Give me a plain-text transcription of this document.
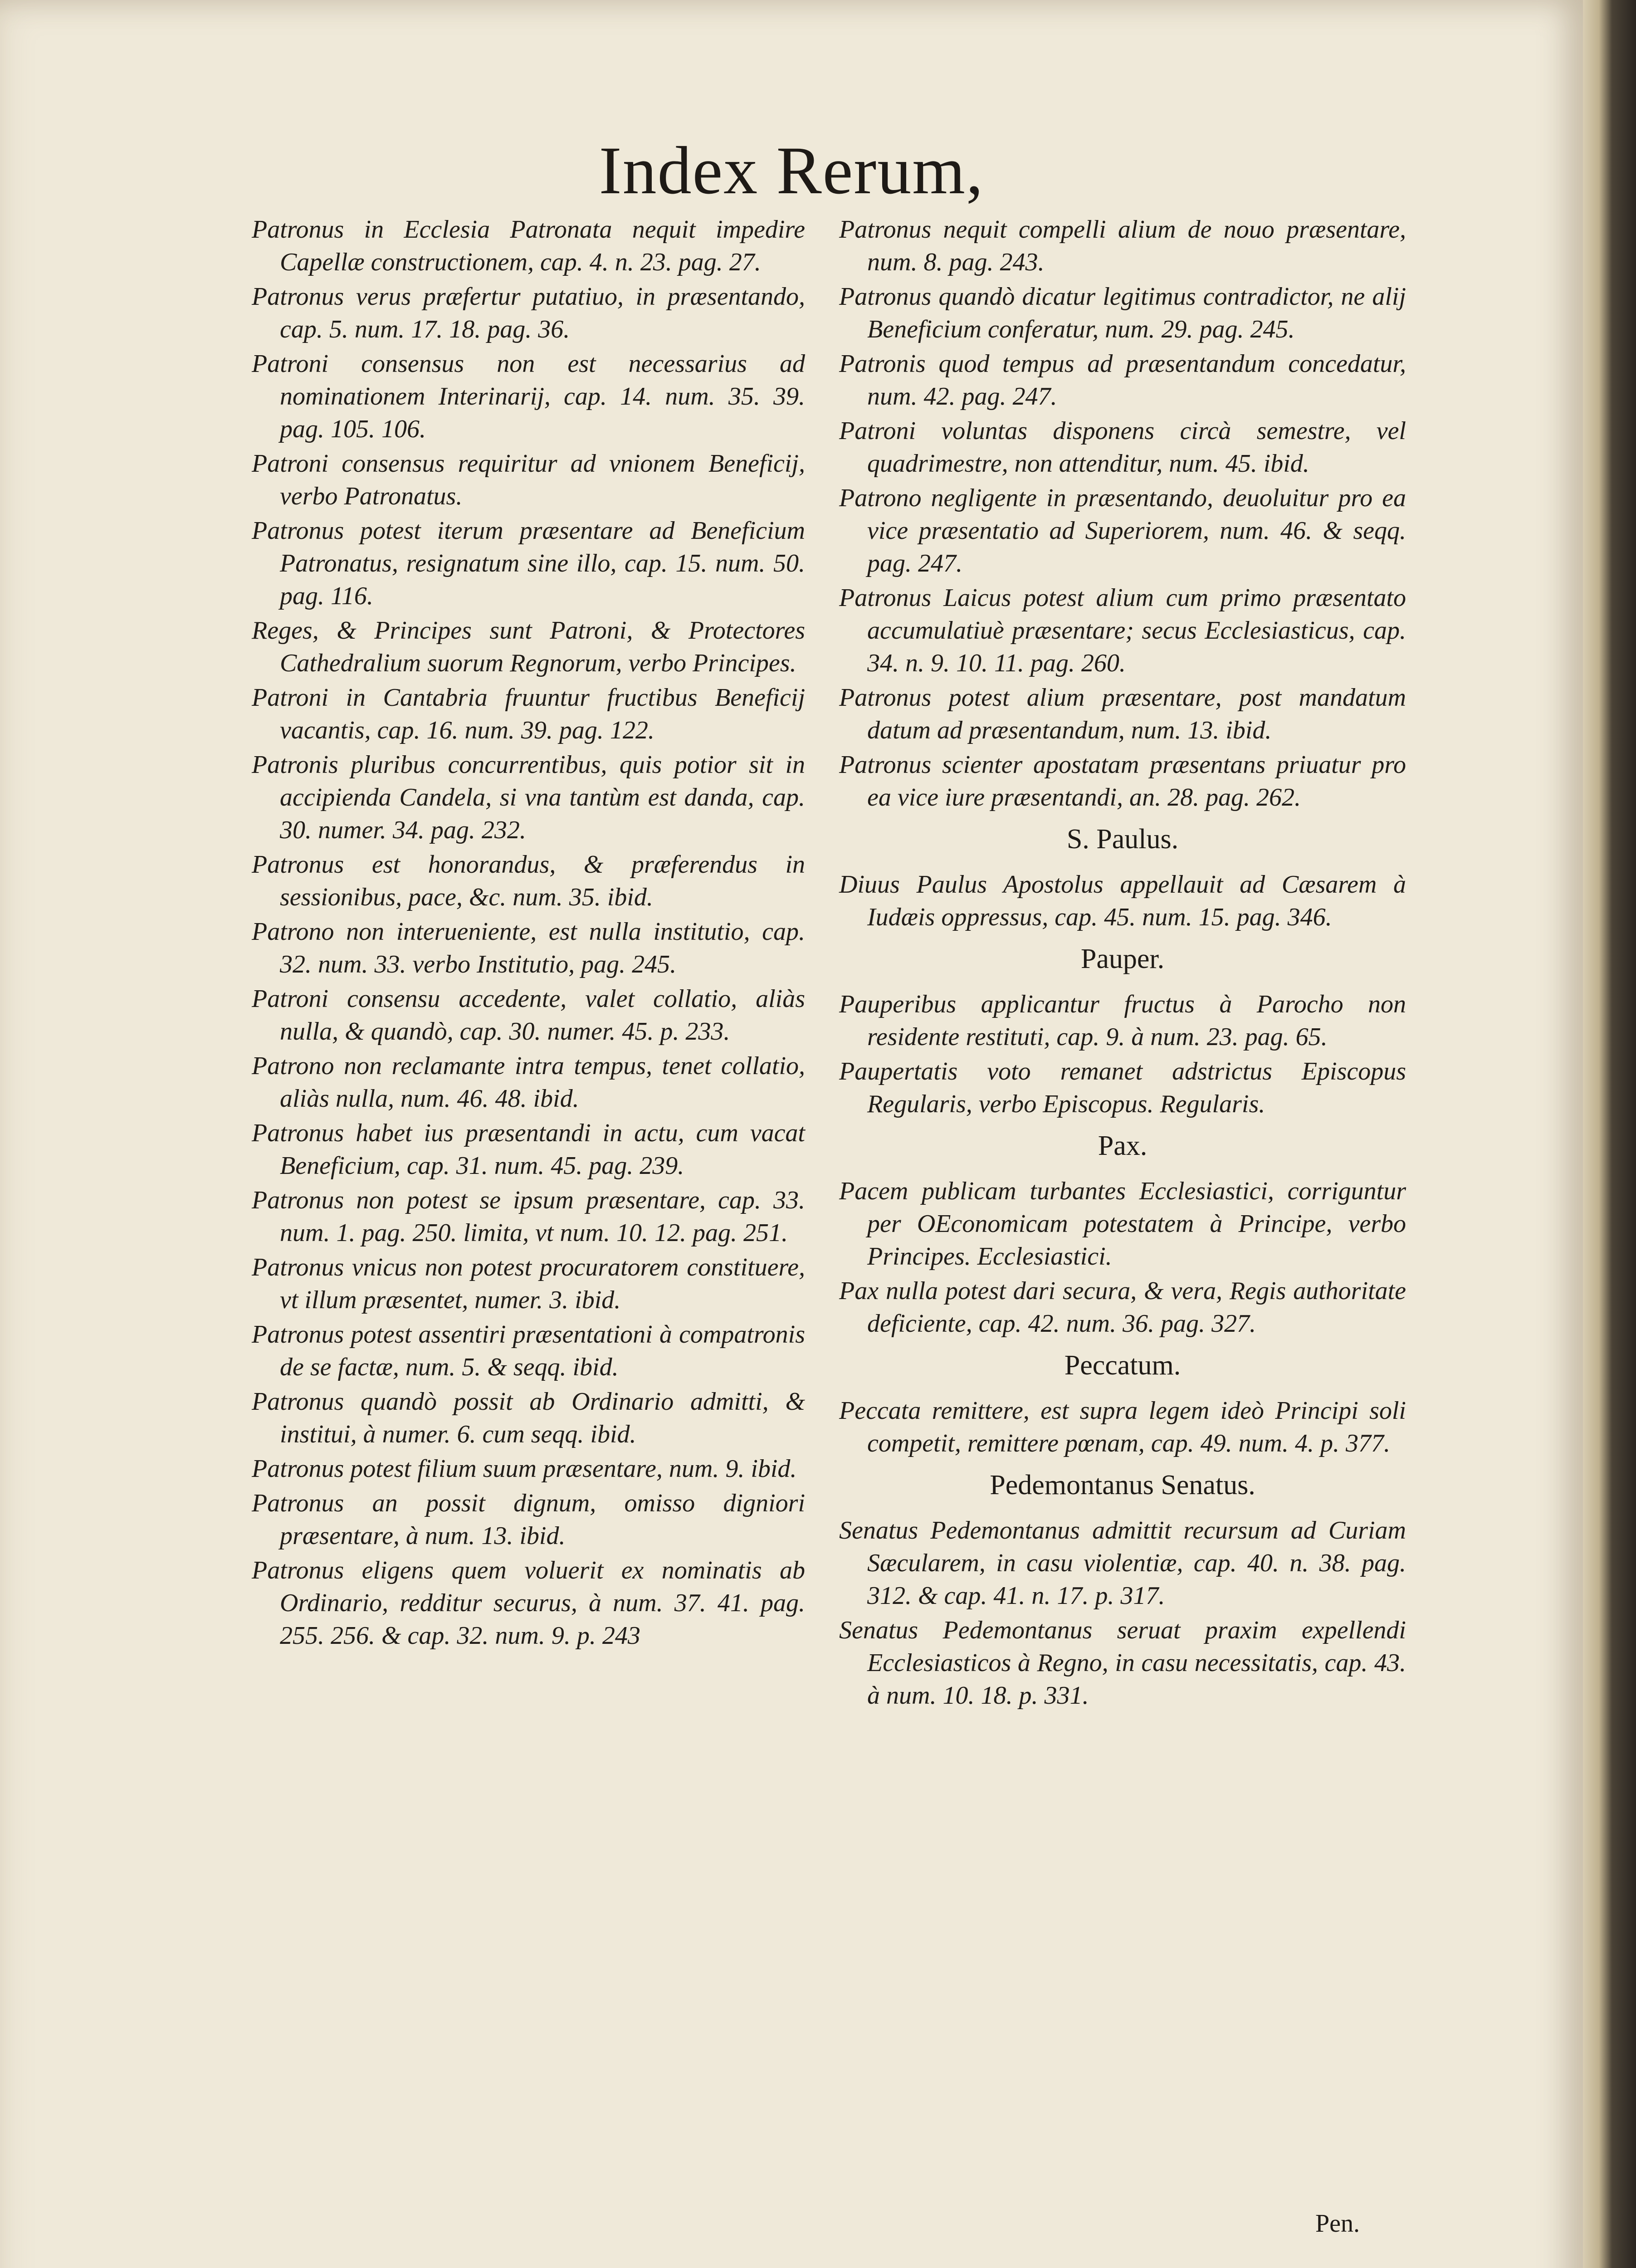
Index Rerum,
Patronus in Ecclesia Patronata nequit impedire Capellæ constructionem, cap. 4. n. 23. pag. 27.
Patronus verus præfertur putatiuo, in præsentando, cap. 5. num. 17. 18. pag. 36.
Patroni consensus non est necessarius ad nominationem Interinarij, cap. 14. num. 35. 39. pag. 105. 106.
Patroni consensus requiritur ad vnionem Beneficij, verbo Patronatus.
Patronus potest iterum præsentare ad Beneficium Patronatus, resignatum sine illo, cap. 15. num. 50. pag. 116.
Reges, & Principes sunt Patroni, & Protectores Cathedralium suorum Regnorum, verbo Principes.
Patroni in Cantabria fruuntur fructibus Beneficij vacantis, cap. 16. num. 39. pag. 122.
Patronis pluribus concurrentibus, quis potior sit in accipienda Candela, si vna tantùm est danda, cap. 30. numer. 34. pag. 232.
Patronus est honorandus, & præferendus in sessionibus, pace, &c. num. 35. ibid.
Patrono non interueniente, est nulla institutio, cap. 32. num. 33. verbo Institutio, pag. 245.
Patroni consensu accedente, valet collatio, aliàs nulla, & quandò, cap. 30. numer. 45. p. 233.
Patrono non reclamante intra tempus, tenet collatio, aliàs nulla, num. 46. 48. ibid.
Patronus habet ius præsentandi in actu, cum vacat Beneficium, cap. 31. num. 45. pag. 239.
Patronus non potest se ipsum præsentare, cap. 33. num. 1. pag. 250. limita, vt num. 10. 12. pag. 251.
Patronus vnicus non potest procuratorem constituere, vt illum præsentet, numer. 3. ibid.
Patronus potest assentiri præsentationi à compatronis de se factæ, num. 5. & seqq. ibid.
Patronus quandò possit ab Ordinario admitti, & institui, à numer. 6. cum seqq. ibid.
Patronus potest filium suum præsentare, num. 9. ibid.
Patronus an possit dignum, omisso digniori præsentare, à num. 13. ibid.
Patronus eligens quem voluerit ex nominatis ab Ordinario, redditur securus, à num. 37. 41. pag. 255. 256. & cap. 32. num. 9. p. 243
Patronus nequit compelli alium de nouo præsentare, num. 8. pag. 243.
Patronus quandò dicatur legitimus contradictor, ne alij Beneficium conferatur, num. 29. pag. 245.
Patronis quod tempus ad præsentandum concedatur, num. 42. pag. 247.
Patroni voluntas disponens circà semestre, vel quadrimestre, non attenditur, num. 45. ibid.
Patrono negligente in præsentando, deuoluitur pro ea vice præsentatio ad Superiorem, num. 46. & seqq. pag. 247.
Patronus Laicus potest alium cum primo præsentato accumulatiuè præsentare; secus Ecclesiasticus, cap. 34. n. 9. 10. 11. pag. 260.
Patronus potest alium præsentare, post mandatum datum ad præsentandum, num. 13. ibid.
Patronus scienter apostatam præsentans priuatur pro ea vice iure præsentandi, an. 28. pag. 262.
S. Paulus.
Diuus Paulus Apostolus appellauit ad Cæsarem à Iudæis oppressus, cap. 45. num. 15. pag. 346.
Pauper.
Pauperibus applicantur fructus à Parocho non residente restituti, cap. 9. à num. 23. pag. 65.
Paupertatis voto remanet adstrictus Episcopus Regularis, verbo Episcopus. Regularis.
Pax.
Pacem publicam turbantes Ecclesiastici, corriguntur per OEconomicam potestatem à Principe, verbo Principes. Ecclesiastici.
Pax nulla potest dari secura, & vera, Regis authoritate deficiente, cap. 42. num. 36. pag. 327.
Peccatum.
Peccata remittere, est supra legem ideò Principi soli competit, remittere pœnam, cap. 49. num. 4. p. 377.
Pedemontanus Senatus.
Senatus Pedemontanus admittit recursum ad Curiam Sæcularem, in casu violentiæ, cap. 40. n. 38. pag. 312. & cap. 41. n. 17. p. 317.
Senatus Pedemontanus seruat praxim expellendi Ecclesiasticos à Regno, in casu necessitatis, cap. 43. à num. 10. 18. p. 331.
Pen.
